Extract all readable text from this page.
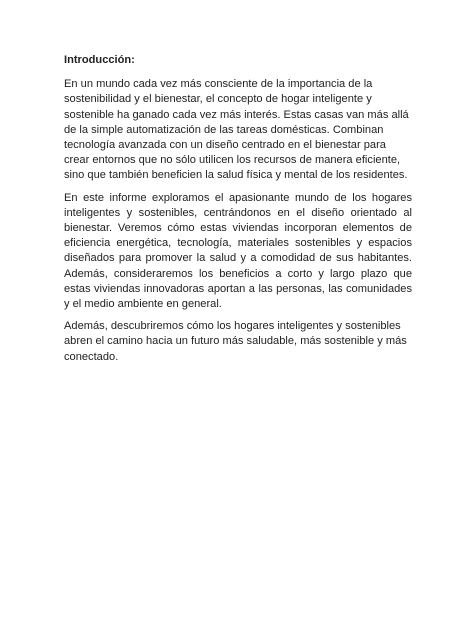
Introducción:

En un mundo cada vez más consciente de la importancia de la sostenibilidad y el bienestar, el concepto de hogar inteligente y sostenible ha ganado cada vez más interés. Estas casas van más allá de la simple automatización de las tareas domésticas. Combinan tecnología avanzada con un diseño centrado en el bienestar para crear entornos que no sólo utilicen los recursos de manera eficiente, sino que también beneficien la salud física y mental de los residentes.

En este informe exploramos el apasionante mundo de los hogares inteligentes y sostenibles, centrándonos en el diseño orientado al bienestar. Veremos cómo estas viviendas incorporan elementos de eficiencia energética, tecnología, materiales sostenibles y espacios diseñados para promover la salud y a comodidad de sus habitantes. Además, consideraremos los beneficios a corto y largo plazo que estas viviendas innovadoras aportan a las personas, las comunidades y el medio ambiente en general.

Además, descubriremos cómo los hogares inteligentes y sostenibles abren el camino hacia un futuro más saludable, más sostenible y más conectado.
